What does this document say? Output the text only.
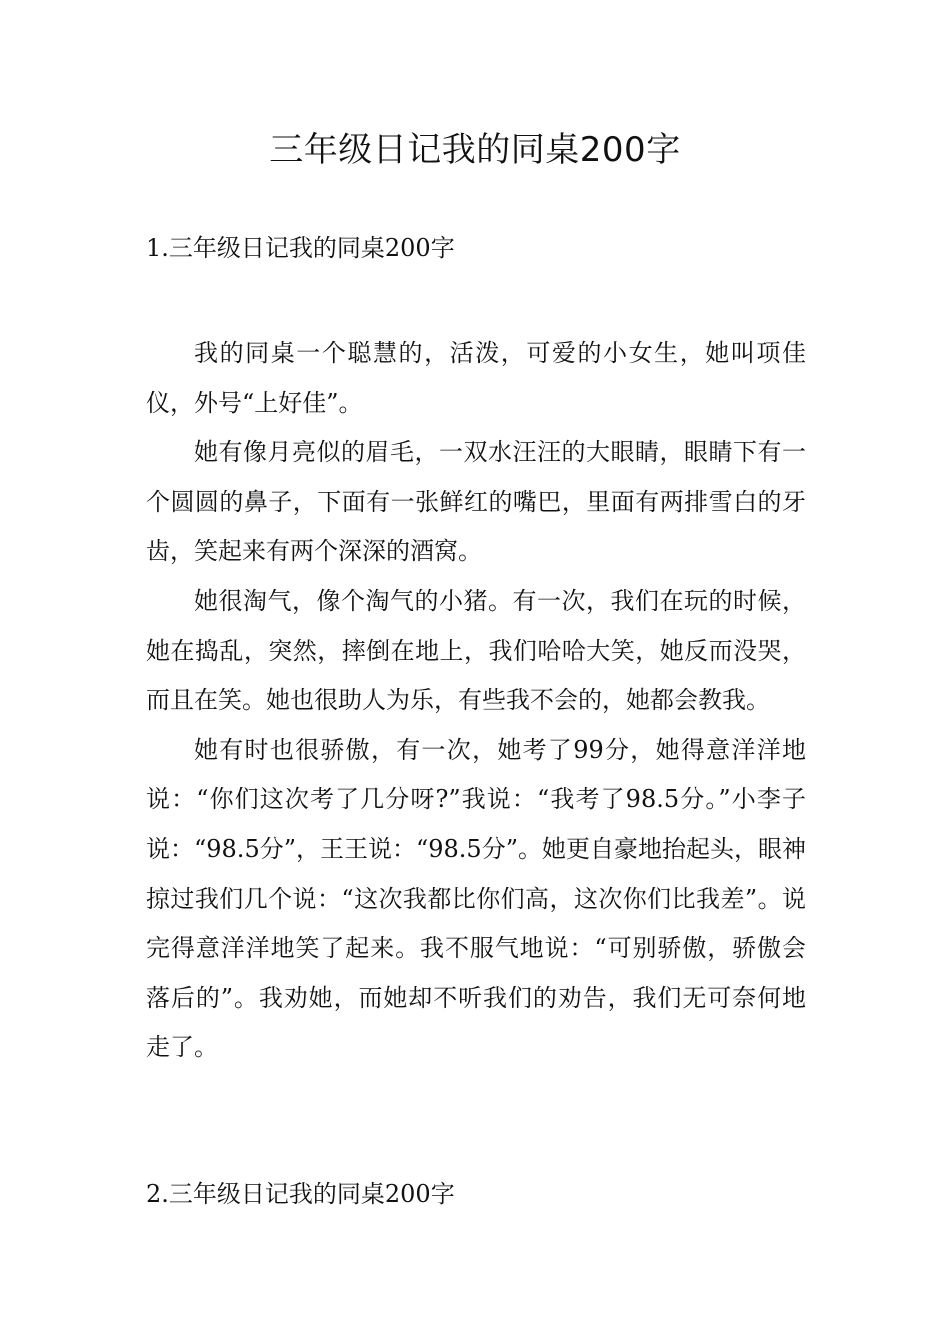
三年级日记我的同桌200字
1.三年级日记我的同桌200字

我的同桌一个聪慧的，活泼，可爱的小女生，她叫项佳仪，外号“上好佳”。

她有像月亮似的眉毛，一双水汪汪的大眼睛，眼睛下有一个圆圆的鼻子，下面有一张鲜红的嘴巴，里面有两排雪白的牙齿，笑起来有两个深深的酒窝。

她很淘气，像个淘气的小猪。有一次，我们在玩的时候，她在捣乱，突然，摔倒在地上，我们哈哈大笑，她反而没哭，而且在笑。她也很助人为乐，有些我不会的，她都会教我。

她有时也很骄傲，有一次，她考了99分，她得意洋洋地说：“你们这次考了几分呀?”我说：“我考了98.5分。”小李子说：“98.5分”，王王说：“98.5分”。她更自豪地抬起头，眼神掠过我们几个说：“这次我都比你们高，这次你们比我差”。说完得意洋洋地笑了起来。我不服气地说：“可别骄傲，骄傲会落后的”。我劝她，而她却不听我们的劝告，我们无可奈何地走了。

2.三年级日记我的同桌200字
